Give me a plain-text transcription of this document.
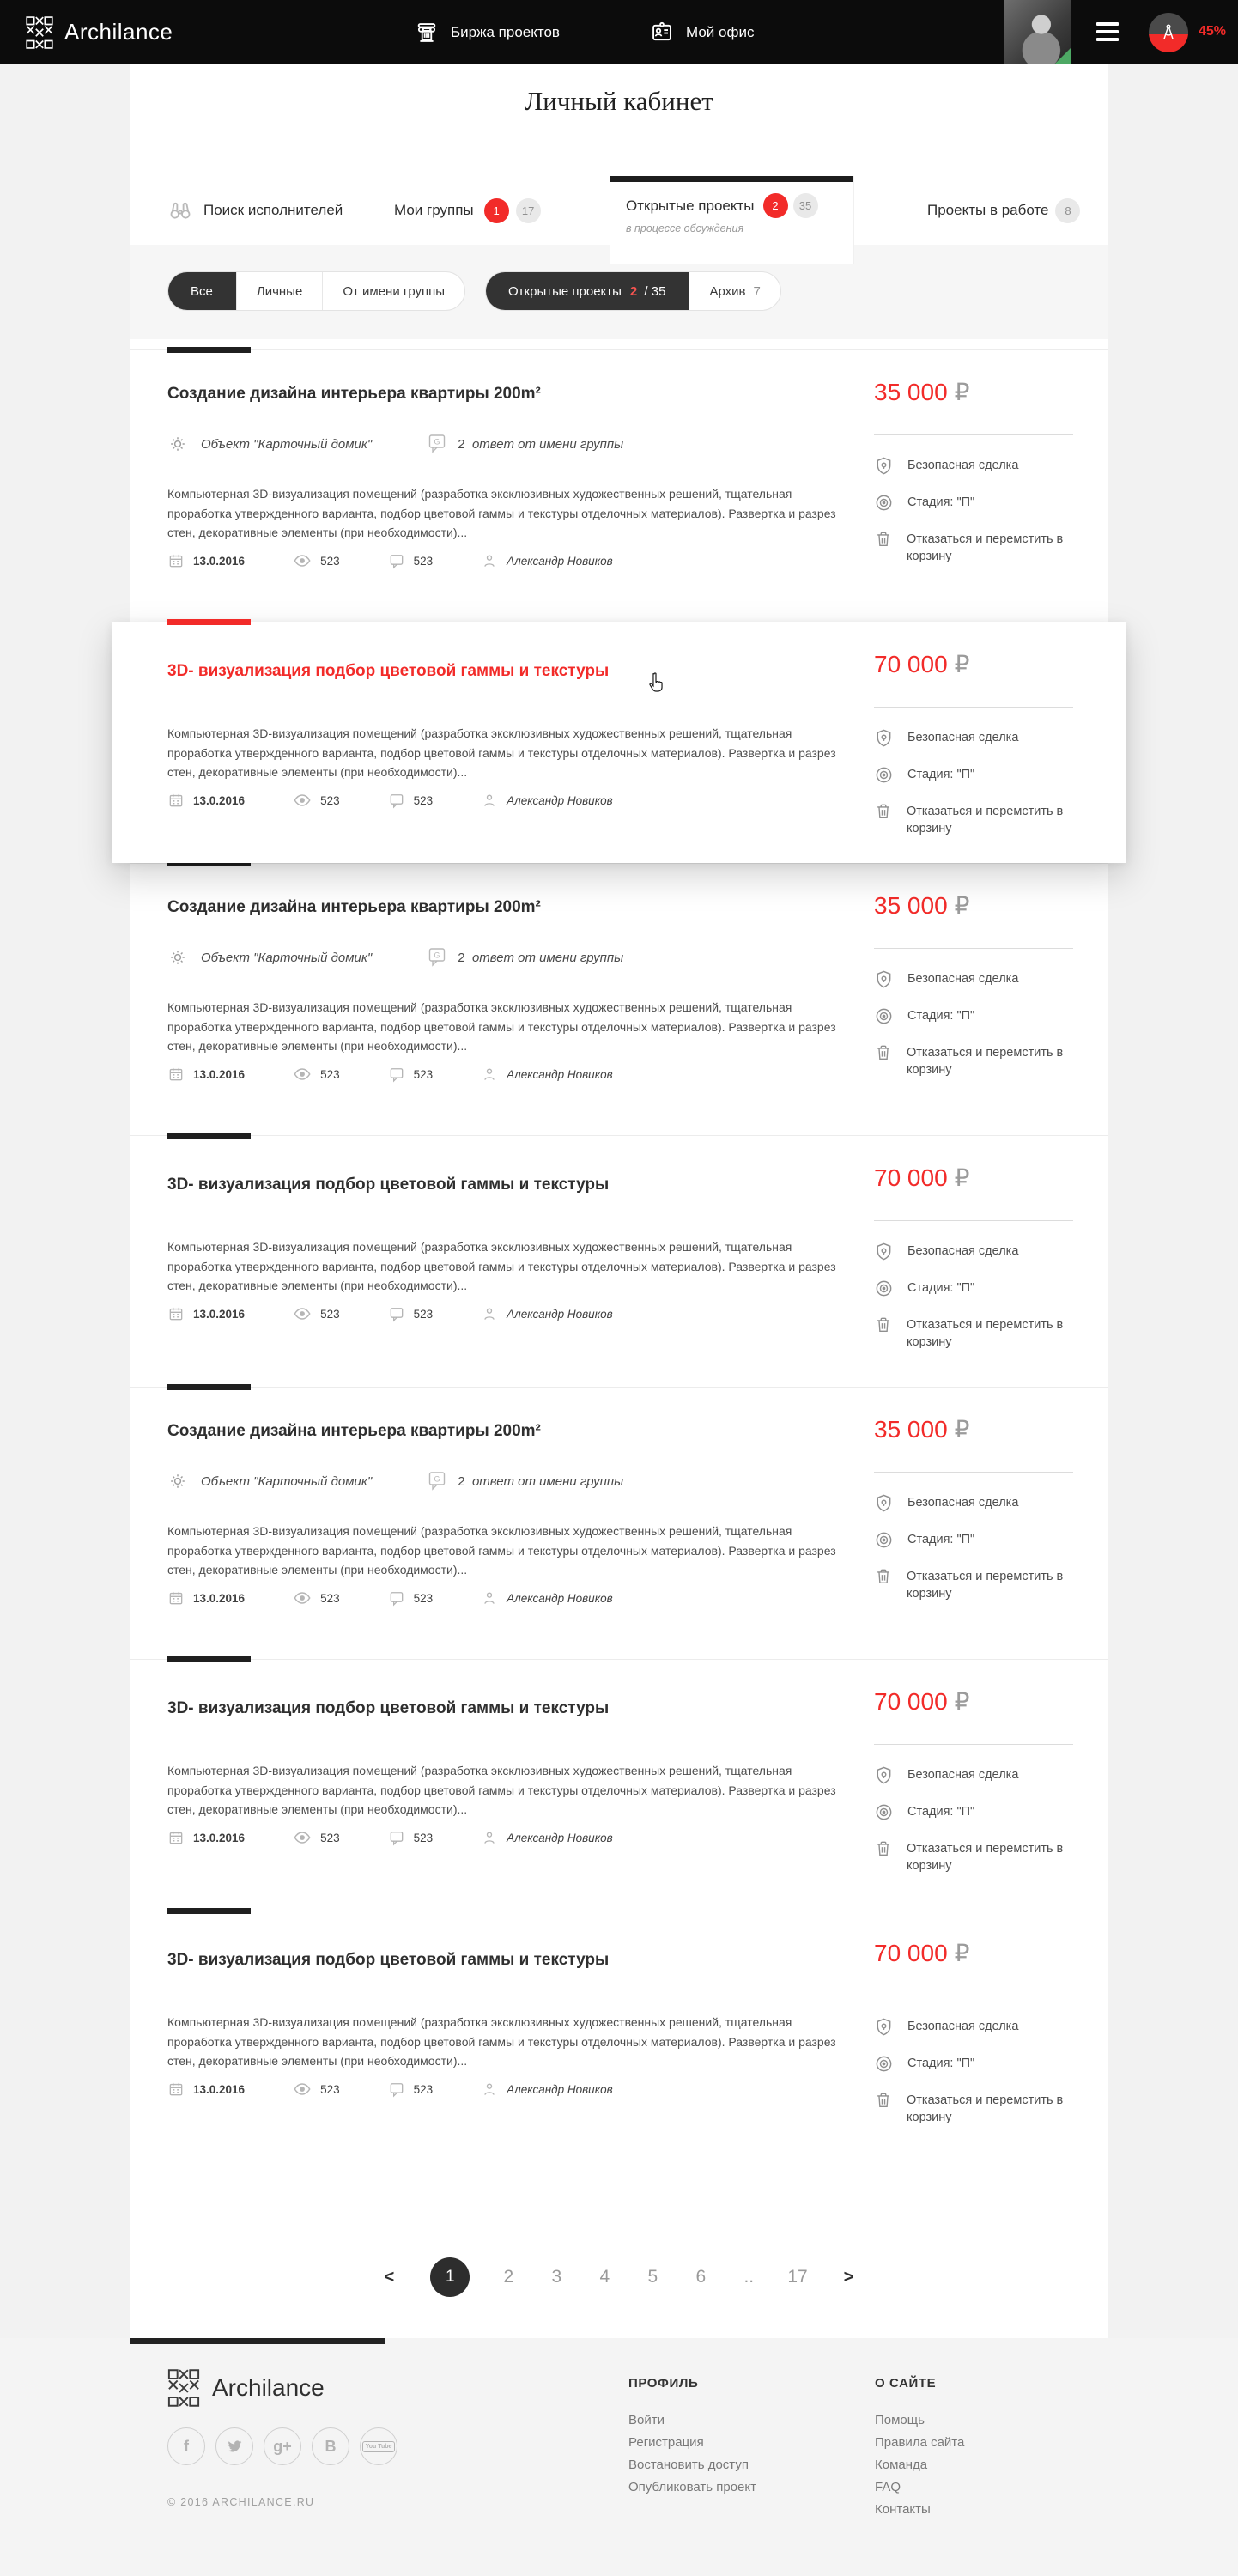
Archilance	Биржа проектов	Мой офис	45%
Личный кабинет
Поиск исполнителей	Мои группы	1	17	Открытые проекты	2	35
в процессе обсуждения
Проекты в работе	8
Все	Личные	От имени группы	Открытые проекты 2 / 35	Архив 7
Создание дизайна интерьера квартиры 200m²
Объект "Карточный домик"	G 2
ответ от имени группы

Компьютерная 3D-визуализация помещений (разработка эксклюзивных художественных решений, тщательная проработка утвержденного варианта, подбор цветовой гаммы и текстуры отделочных материалов). Развертка и разрез стен, декоративные элементы (при необходимости)...

13.0.2016	523	523	Александр Новиков
35 000 ₽
Безопасная сделка
Стадия: "П"
Отказаться и перемстить в корзину
3D- визуализация подбор цветовой гаммы и текстуры

Компьютерная 3D-визуализация помещений (разработка эксклюзивных художественных решений, тщательная проработка утвержденного варианта, подбор цветовой гаммы и текстуры отделочных материалов). Развертка и разрез стен, декоративные элементы (при необходимости)...

13.0.2016	523	523	Александр Новиков
70 000 ₽
Безопасная сделка
Стадия: "П"
Отказаться и перемстить в корзину
Создание дизайна интерьера квартиры 200m²
Объект "Карточный домик"	G 2
ответ от имени группы

Компьютерная 3D-визуализация помещений (разработка эксклюзивных художественных решений, тщательная проработка утвержденного варианта, подбор цветовой гаммы и текстуры отделочных материалов). Развертка и разрез стен, декоративные элементы (при необходимости)...

13.0.2016	523	523	Александр Новиков
35 000 ₽
Безопасная сделка
Стадия: "П"
Отказаться и перемстить в корзину
3D- визуализация подбор цветовой гаммы и текстуры

Компьютерная 3D-визуализация помещений (разработка эксклюзивных художественных решений, тщательная проработка утвержденного варианта, подбор цветовой гаммы и текстуры отделочных материалов). Развертка и разрез стен, декоративные элементы (при необходимости)...

13.0.2016	523	523	Александр Новиков
70 000 ₽
Безопасная сделка
Стадия: "П"
Отказаться и перемстить в корзину
Создание дизайна интерьера квартиры 200m²
Объект "Карточный домик"	G 2
ответ от имени группы

Компьютерная 3D-визуализация помещений (разработка эксклюзивных художественных решений, тщательная проработка утвержденного варианта, подбор цветовой гаммы и текстуры отделочных материалов). Развертка и разрез стен, декоративные элементы (при необходимости)...

13.0.2016	523	523	Александр Новиков
35 000 ₽
Безопасная сделка
Стадия: "П"
Отказаться и перемстить в корзину
3D- визуализация подбор цветовой гаммы и текстуры

Компьютерная 3D-визуализация помещений (разработка эксклюзивных художественных решений, тщательная проработка утвержденного варианта, подбор цветовой гаммы и текстуры отделочных материалов). Развертка и разрез стен, декоративные элементы (при необходимости)...

13.0.2016	523	523	Александр Новиков
70 000 ₽
Безопасная сделка
Стадия: "П"
Отказаться и перемстить в корзину
3D- визуализация подбор цветовой гаммы и текстуры

Компьютерная 3D-визуализация помещений (разработка эксклюзивных художественных решений, тщательная проработка утвержденного варианта, подбор цветовой гаммы и текстуры отделочных материалов). Развертка и разрез стен, декоративные элементы (при необходимости)...

13.0.2016	523	523	Александр Новиков
70 000 ₽
Безопасная сделка
Стадия: "П"
Отказаться и перемстить в корзину
<	1	2 3 4 5 6 .. 17	>
Archilance
f	g+	B	You Tube
© 2016 ARCHILANCE.RU
ПРОФИЛЬ
Войти
Регистрация
Востановить доступ
Опубликовать проект
О САЙТЕ
Помощь
Правила сайта
Команда
FAQ
Контакты
